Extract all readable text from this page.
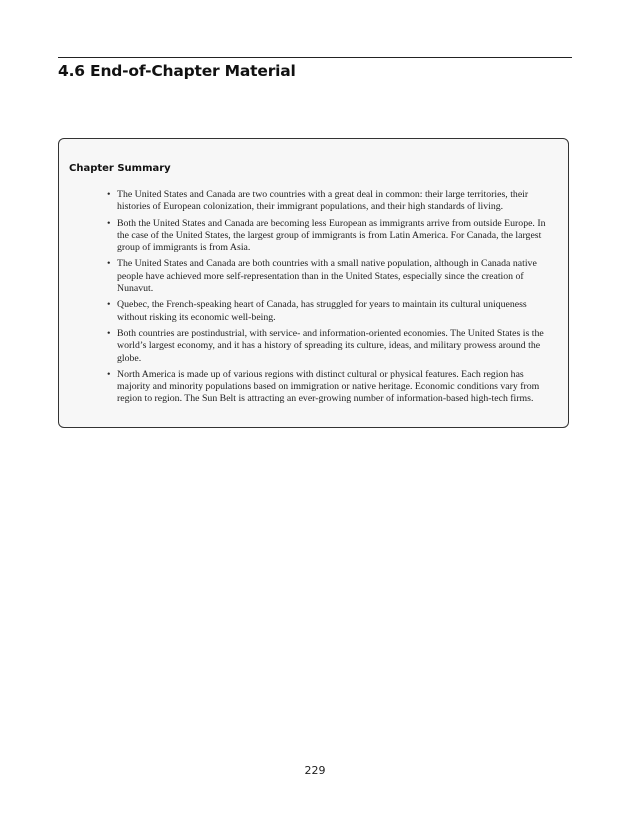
4.6 End-of-Chapter Material
Chapter Summary
• The United States and Canada are two countries with a great deal in common: their large territories, their histories of European colonization, their immigrant populations, and their high standards of living.
• Both the United States and Canada are becoming less European as immigrants arrive from outside Europe. In the case of the United States, the largest group of immigrants is from Latin America. For Canada, the largest group of immigrants is from Asia.
• The United States and Canada are both countries with a small native population, although in Canada native people have achieved more self-representation than in the United States, especially since the creation of Nunavut.
• Quebec, the French-speaking heart of Canada, has struggled for years to maintain its cultural uniqueness without risking its economic well-being.
• Both countries are postindustrial, with service- and information-oriented economies. The United States is the world’s largest economy, and it has a history of spreading its culture, ideas, and military prowess around the globe.
• North America is made up of various regions with distinct cultural or physical features. Each region has majority and minority populations based on immigration or native heritage. Economic conditions vary from region to region. The Sun Belt is attracting an ever-growing number of information-based high-tech firms.
229
